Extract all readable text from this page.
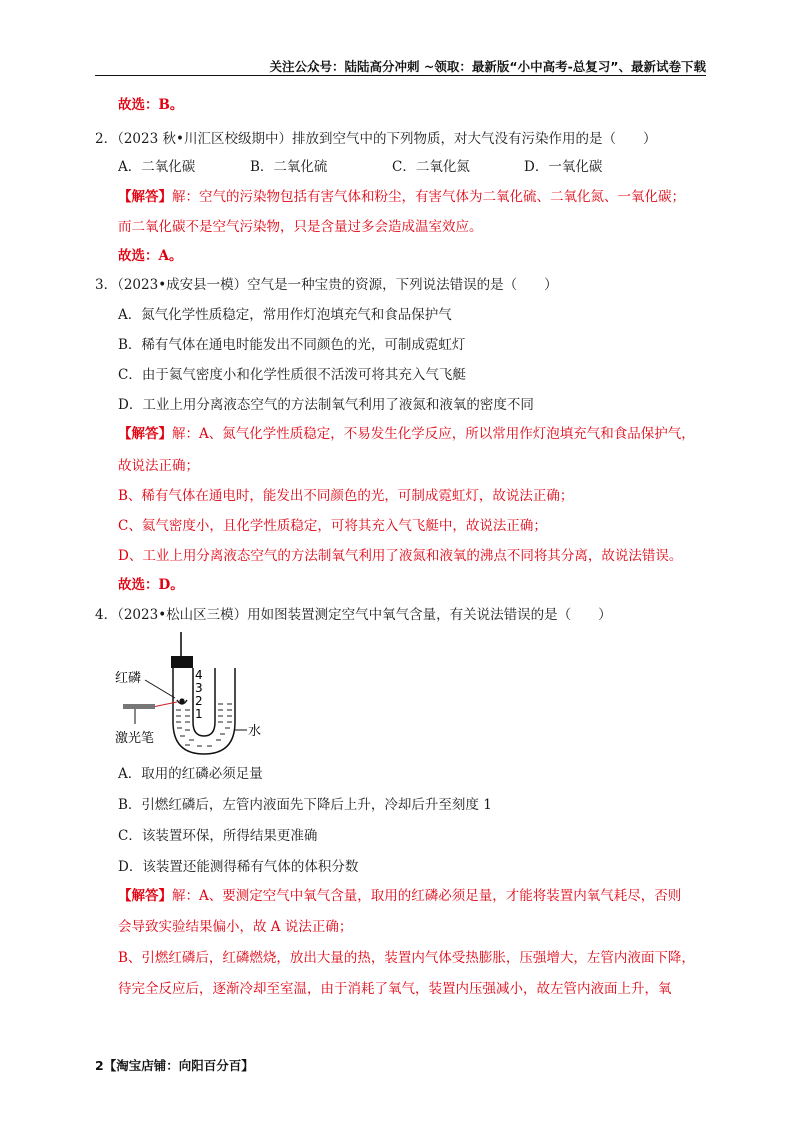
关注公众号：陆陆高分冲刺 ~领取：最新版“小中高考-总复习”、最新试卷下载
故选：B。
2．（2023 秋•川汇区校级期中）排放到空气中的下列物质，对大气没有污染作用的是（　　）
A．二氧化碳	B．二氧化硫	C．二氧化氮	D．一氧化碳
【解答】解：空气的污染物包括有害气体和粉尘，有害气体为二氧化硫、二氧化氮、一氧化碳；
而二氧化碳不是空气污染物，只是含量过多会造成温室效应。
故选：A。
3．（2023•成安县一模）空气是一种宝贵的资源，下列说法错误的是（　　）
A．氮气化学性质稳定，常用作灯泡填充气和食品保护气
B．稀有气体在通电时能发出不同颜色的光，可制成霓虹灯
C．由于氦气密度小和化学性质很不活泼可将其充入气飞艇
D．工业上用分离液态空气的方法制氧气利用了液氮和液氧的密度不同
【解答】解：A、氮气化学性质稳定，不易发生化学反应，所以常用作灯泡填充气和食品保护气，
故说法正确；
B、稀有气体在通电时，能发出不同颜色的光，可制成霓虹灯，故说法正确；
C、氦气密度小，且化学性质稳定，可将其充入气飞艇中，故说法正确；
D、工业上用分离液态空气的方法制氧气利用了液氮和液氧的沸点不同将其分离，故说法错误。
故选：D。
4．（2023•松山区三模）用如图装置测定空气中氧气含量，有关说法错误的是（　　）
4
3
2
1
红磷
激光笔	水
A．取用的红磷必须足量
B．引燃红磷后，左管内液面先下降后上升，冷却后升至刻度 1
C．该装置环保，所得结果更准确
D．该装置还能测得稀有气体的体积分数
【解答】解：A、要测定空气中氧气含量，取用的红磷必须足量，才能将装置内氧气耗尽，否则
会导致实验结果偏小，故 A 说法正确；
B、引燃红磷后，红磷燃烧，放出大量的热，装置内气体受热膨胀，压强增大，左管内液面下降，
待完全反应后，逐渐冷却至室温，由于消耗了氧气，装置内压强减小，故左管内液面上升，氧
2【淘宝店铺：向阳百分百】
